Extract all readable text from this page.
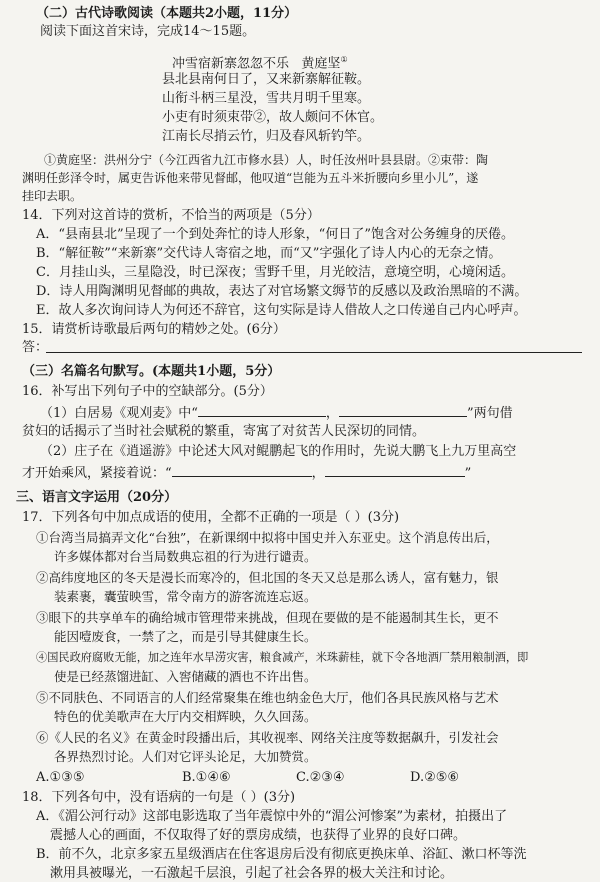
（二）古代诗歌阅读（本题共2小题，11分）
阅读下面这首宋诗，完成14～15题。
冲雪宿新寨忽忽不乐 黄庭坚①
县北县南何日了，又来新寨解征鞍。
山衔斗柄三星没，雪共月明千里寒。
小吏有时须束带②，故人颇问不休官。
江南长尽捎云竹，归及春风斩钓竿。
①黄庭坚：洪州分宁（今江西省九江市修水县）人，时任汝州叶县县尉。②束带：陶
渊明任彭泽令时，属吏告诉他来带见督邮，他叹道“岂能为五斗米折腰向乡里小儿”，遂
挂印去职。
14．下列对这首诗的赏析，不恰当的两项是（5分）
A．“县南县北”呈现了一个到处奔忙的诗人形象，“何日了”饱含对公务缠身的厌倦。
B．“解征鞍”“来新寨”交代诗人寄宿之地，而“又”字强化了诗人内心的无奈之情。
C．月挂山头，三星隐没，时已深夜；雪野千里，月光皎洁，意境空明，心境闲适。
D．诗人用陶渊明见督邮的典故，表达了对官场繁文缛节的反感以及政治黑暗的不满。
E．故人多次询问诗人为何还不辞官，这句实际是诗人借故人之口传递自己内心呼声。
15．请赏析诗歌最后两句的精妙之处。(6分）
答：
（三）名篇名句默写。(本题共1小题，5分）
16．补写出下列句子中的空缺部分。(5分）
（1）白居易《观刈麦》中“	，	”两句借
贫妇的话揭示了当时社会赋税的繁重，寄寓了对贫苦人民深切的同情。
（2）庄子在《逍遥游》中论述大风对鲲鹏起飞的作用时，先说大鹏飞上九万里高空
才开始乘风，紧接着说：“	，	”
三、语言文字运用（20分）
17．下列各句中加点成语的使用，全都不正确的一项是（ ）(3分)
①台湾当局搞弄文化“台独”，在新课纲中拟将中国史并入东亚史。这个消息传出后，
许多媒体都对台当局数典忘祖的行为进行谴责。
②高纬度地区的冬天是漫长而寒冷的，但北国的冬天又总是那么诱人，富有魅力，银
装素裹，囊萤映雪，常令南方的游客流连忘返。
③眼下的共享单车的确给城市管理带来挑战，但现在要做的是不能遏制其生长，更不
能因噎废食，一禁了之，而是引导其健康生长。
④国民政府腐败无能，加之连年水旱涝灾害，粮食减产，米珠薪桂，就下令各地酒厂禁用粮制酒，即
使是已经蒸馏进缸、入窖储藏的酒也不许出售。
⑤不同肤色、不同语言的人们经常聚集在维也纳金色大厅，他们各具民族风格与艺术
特色的优美歌声在大厅内交相辉映，久久回荡。
⑥《人民的名义》在黄金时段播出后，其收视率、网络关注度等数据飙升，引发社会
各界热烈讨论。人们对它评头论足，大加赞赏。
A.①③⑤	B.①④⑥	C.②③④	D.②⑤⑥
18．下列各句中，没有语病的一句是（ ）(3分)
A．《湄公河行动》这部电影选取了当年震惊中外的“湄公河惨案”为素材，拍摄出了
震撼人心的画面，不仅取得了好的票房成绩，也获得了业界的良好口碑。
B．前不久，北京多家五星级酒店在住客退房后没有彻底更换床单、浴缸、漱口杯等洗
漱用具被曝光，一石激起千层浪，引起了社会各界的极大关注和讨论。
